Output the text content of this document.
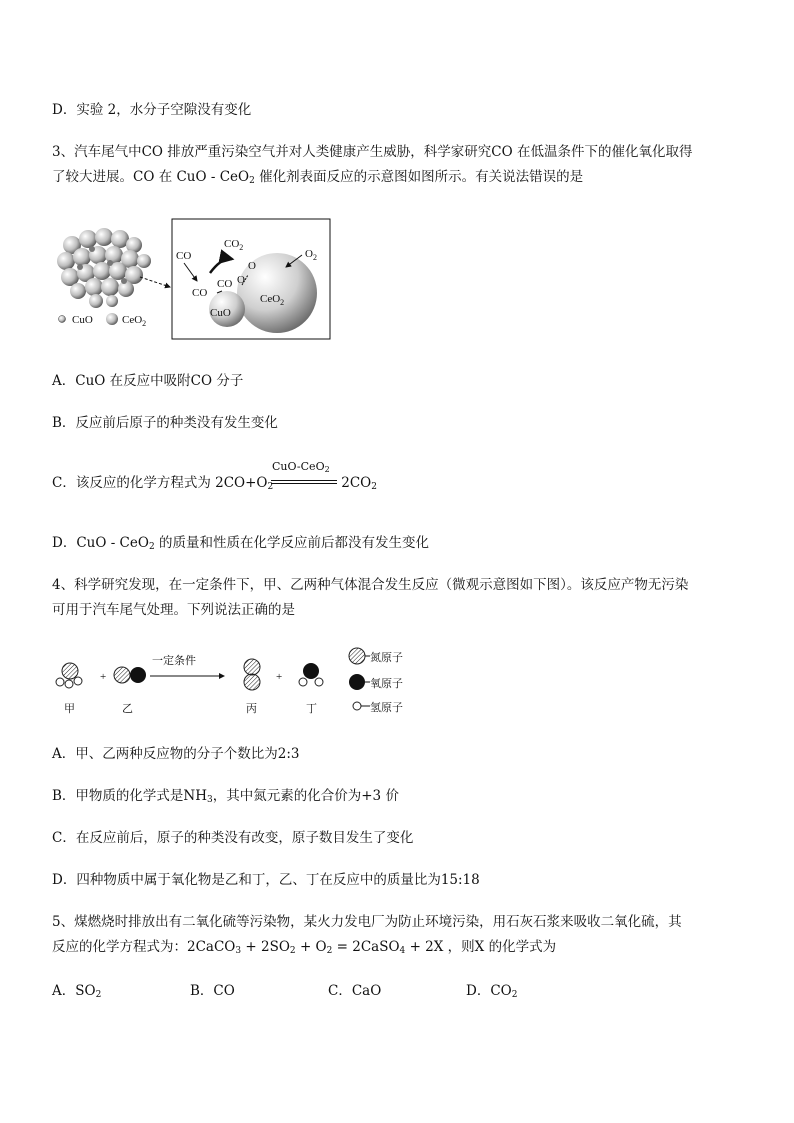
D．实验 2，水分子空隙没有变化
3、汽车尾气中CO 排放严重污染空气并对人类健康产生威胁，科学家研究CO 在低温条件下的催化氧化取得
了较大进展。CO 在 CuO - CeO2 催化剂表面反应的示意图如图所示。有关说法错误的是
CuO	CeO$_2$
CuO
CeO$_2$
CO
CO
CO
$CO_2$
O
O
$O_2$
A．CuO 在反应中吸附CO 分子
B．反应前后原子的种类没有发生变化
C．该反应的化学方程式为 2CO+O2	2CO2
CuO-CeO2
D．CuO - CeO2 的质量和性质在化学反应前后都没有发生变化
4、科学研究发现，在一定条件下，甲、乙两种气体混合发生反应（微观示意图如下图）。该反应产物无污染
可用于汽车尾气处理。下列说法正确的是
+
一定条件
+
甲	乙	丙	丁
氮原子
氧原子
氢原子
A．甲、乙两种反应物的分子个数比为2:3
B．甲物质的化学式是NH3，其中氮元素的化合价为+3 价
C．在反应前后，原子的种类没有改变，原子数目发生了变化
D．四种物质中属于氧化物是乙和丁，乙、丁在反应中的质量比为15:18
5、煤燃烧时排放出有二氧化硫等污染物，某火力发电厂为防止环境污染，用石灰石浆来吸收二氧化硫，其
反应的化学方程式为：2CaCO3 + 2SO2 + O2 = 2CaSO4 + 2X ，则X 的化学式为
A．SO2	B．CO	C．CaO	D．CO2
